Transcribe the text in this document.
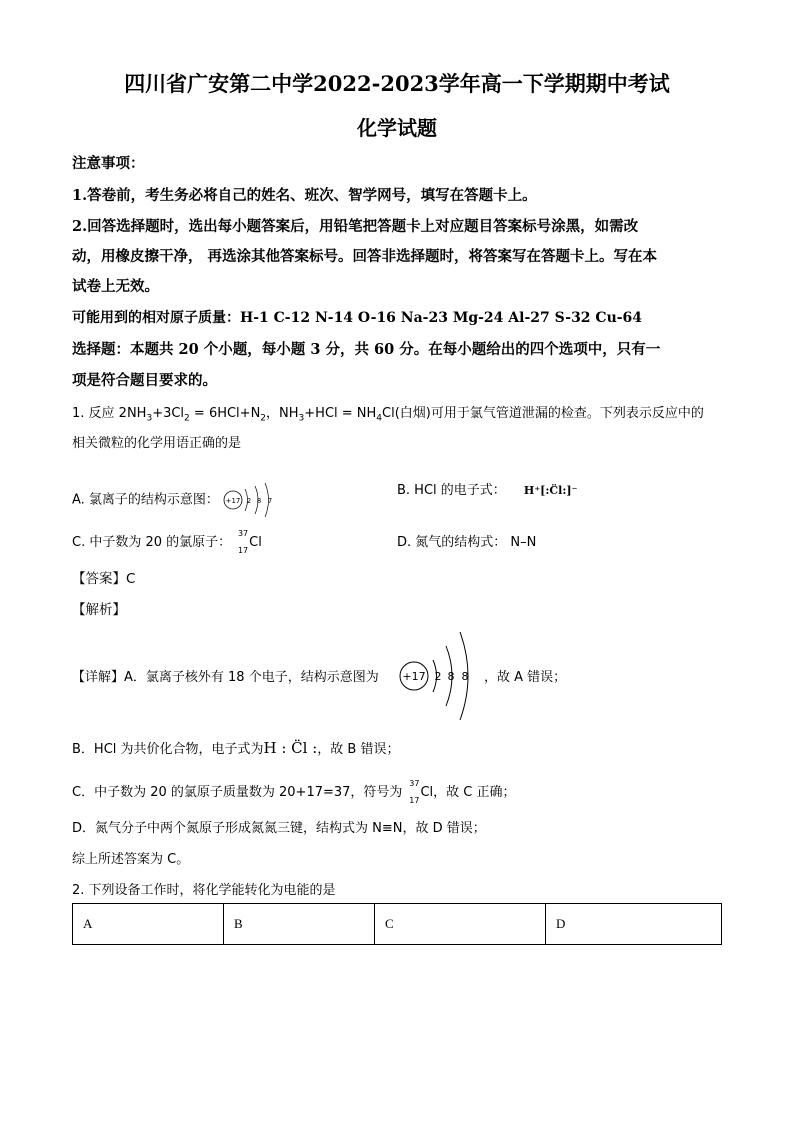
四川省广安第二中学2022-2023学年高一下学期期中考试
化学试题
注意事项：
1.答卷前，考生务必将自己的姓名、班次、智学网号，填写在答题卡上。
2.回答选择题时，选出每小题答案后，用铅笔把答题卡上对应题目答案标号涂黑，如需改
动，用橡皮擦干净， 再选涂其他答案标号。回答非选择题时，将答案写在答题卡上。写在本
试卷上无效。
可能用到的相对原子质量：H-1 C-12 N-14 O-16 Na-23 Mg-24 Al-27 S-32 Cu-64
选择题：本题共 20 个小题，每小题 3 分，共 60 分。在每小题给出的四个选项中，只有一
项是符合题目要求的。
1. 反应 $2NH_3+3Cl_2 = 6HCl+N_2$，$NH_3+HCl = NH_4Cl$(白烟)可用于氯气管道泄漏的检查。下列表示反应中的
相关微粒的化学用语正确的是
A. 氯离子的结构示意图： +17 2 8 7
B. HCl 的电子式： H⁺[:C̈l:]⁻
C. 中子数为 20 的氯原子：
37
17
Cl	D. 氮气的结构式： N–N
【答案】C
【解析】
【详解】A．氯离子核外有 18 个电子，结构示意图为	+17 2 8 8 ，故 A 错误；
B．HCl 为共价化合物，电子式为H : C̈l :，故 B 错误；
C．中子数为 20 的氯原子质量数为 20+17=37，符号为
37
17
Cl，故 C 正确；
D．氮气分子中两个氮原子形成氮氮三键，结构式为 N≡N，故 D 错误；
综上所述答案为 C。
2. 下列设备工作时，将化学能转化为电能的是
A	B	C	D
